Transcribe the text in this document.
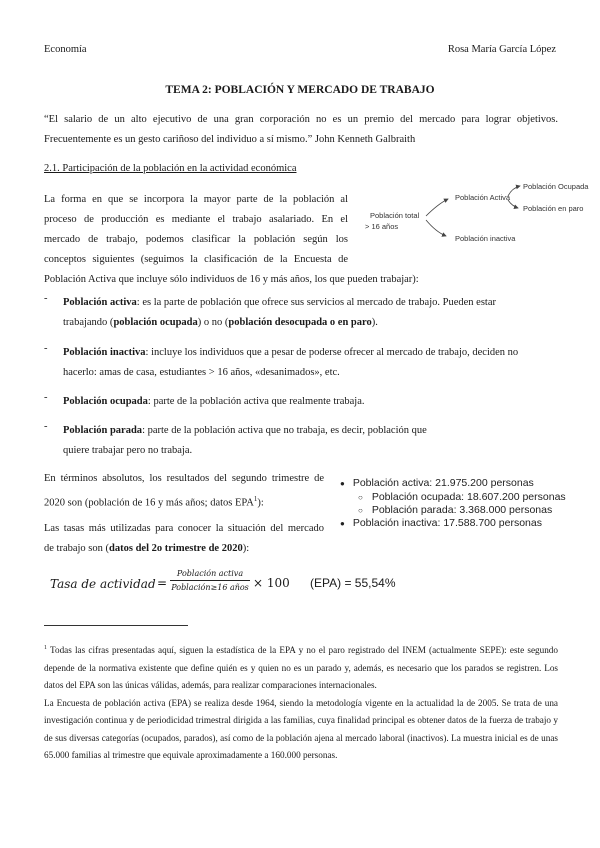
Economía	Rosa María García López
TEMA 2: POBLACIÓN Y MERCADO DE TRABAJO
“El salario de un alto ejecutivo de una gran corporación no es un premio del mercado para lograr objetivos. Frecuentemente es un gesto cariñoso del individuo a sí mismo.” John Kenneth Galbraith
2.1. Participación de la población en la actividad económica
La forma en que se incorpora la mayor parte de la población al
proceso de producción es mediante el trabajo asalariado. En el
mercado de trabajo, podemos clasificar la población según los
conceptos siguientes (seguimos la clasificación de la Encuesta de
Población Activa que incluye sólo individuos de 16 y más años, los que pueden trabajar):
Población total
> 16 años
Población Activa
Población inactiva
Población Ocupada
Población en paro
- Población activa: es la parte de población que ofrece sus servicios al mercado de trabajo. Pueden estar
trabajando (población ocupada) o no (población desocupada o en paro).
- Población inactiva: incluye los individuos que a pesar de poderse ofrecer al mercado de trabajo, deciden no
hacerlo: amas de casa, estudiantes > 16 años, «desanimados», etc.
- Población ocupada: parte de la población activa que realmente trabaja.
- Población parada: parte de la población activa que no trabaja, es decir, población que
quiere trabajar pero no trabaja.
En términos absolutos, los resultados del segundo trimestre de
2020 son (población de 16 y más años; datos EPA$^1$):
● Población activa: 21.975.200 personas
○ Población ocupada: 18.607.200 personas
○ Población parada: 3.368.000 personas
● Población inactiva: 17.588.700 personas
Las tasas más utilizadas para conocer la situación del mercado
de trabajo son (datos del 2o trimestre de 2020):
Tasa de actividad =
Población activa
Población≥16 años × 100 (EPA) = 55,54%
$^1$ Todas las cifras presentadas aquí, siguen la estadística de la EPA y no el paro registrado del INEM (actualmente SEPE): este segundo depende de la normativa existente que define quién es y quien no es un parado y, además, es necesario que los parados se registren. Los datos del EPA son las únicas válidas, además, para realizar comparaciones internacionales.
La Encuesta de población activa (EPA) se realiza desde 1964, siendo la metodología vigente en la actualidad la de 2005. Se trata de una investigación continua y de periodicidad trimestral dirigida a las familias, cuya finalidad principal es obtener datos de la fuerza de trabajo y de sus diversas categorías (ocupados, parados), así como de la población ajena al mercado laboral (inactivos). La muestra inicial es de unas 65.000 familias al trimestre que equivale aproximadamente a 160.000 personas.
